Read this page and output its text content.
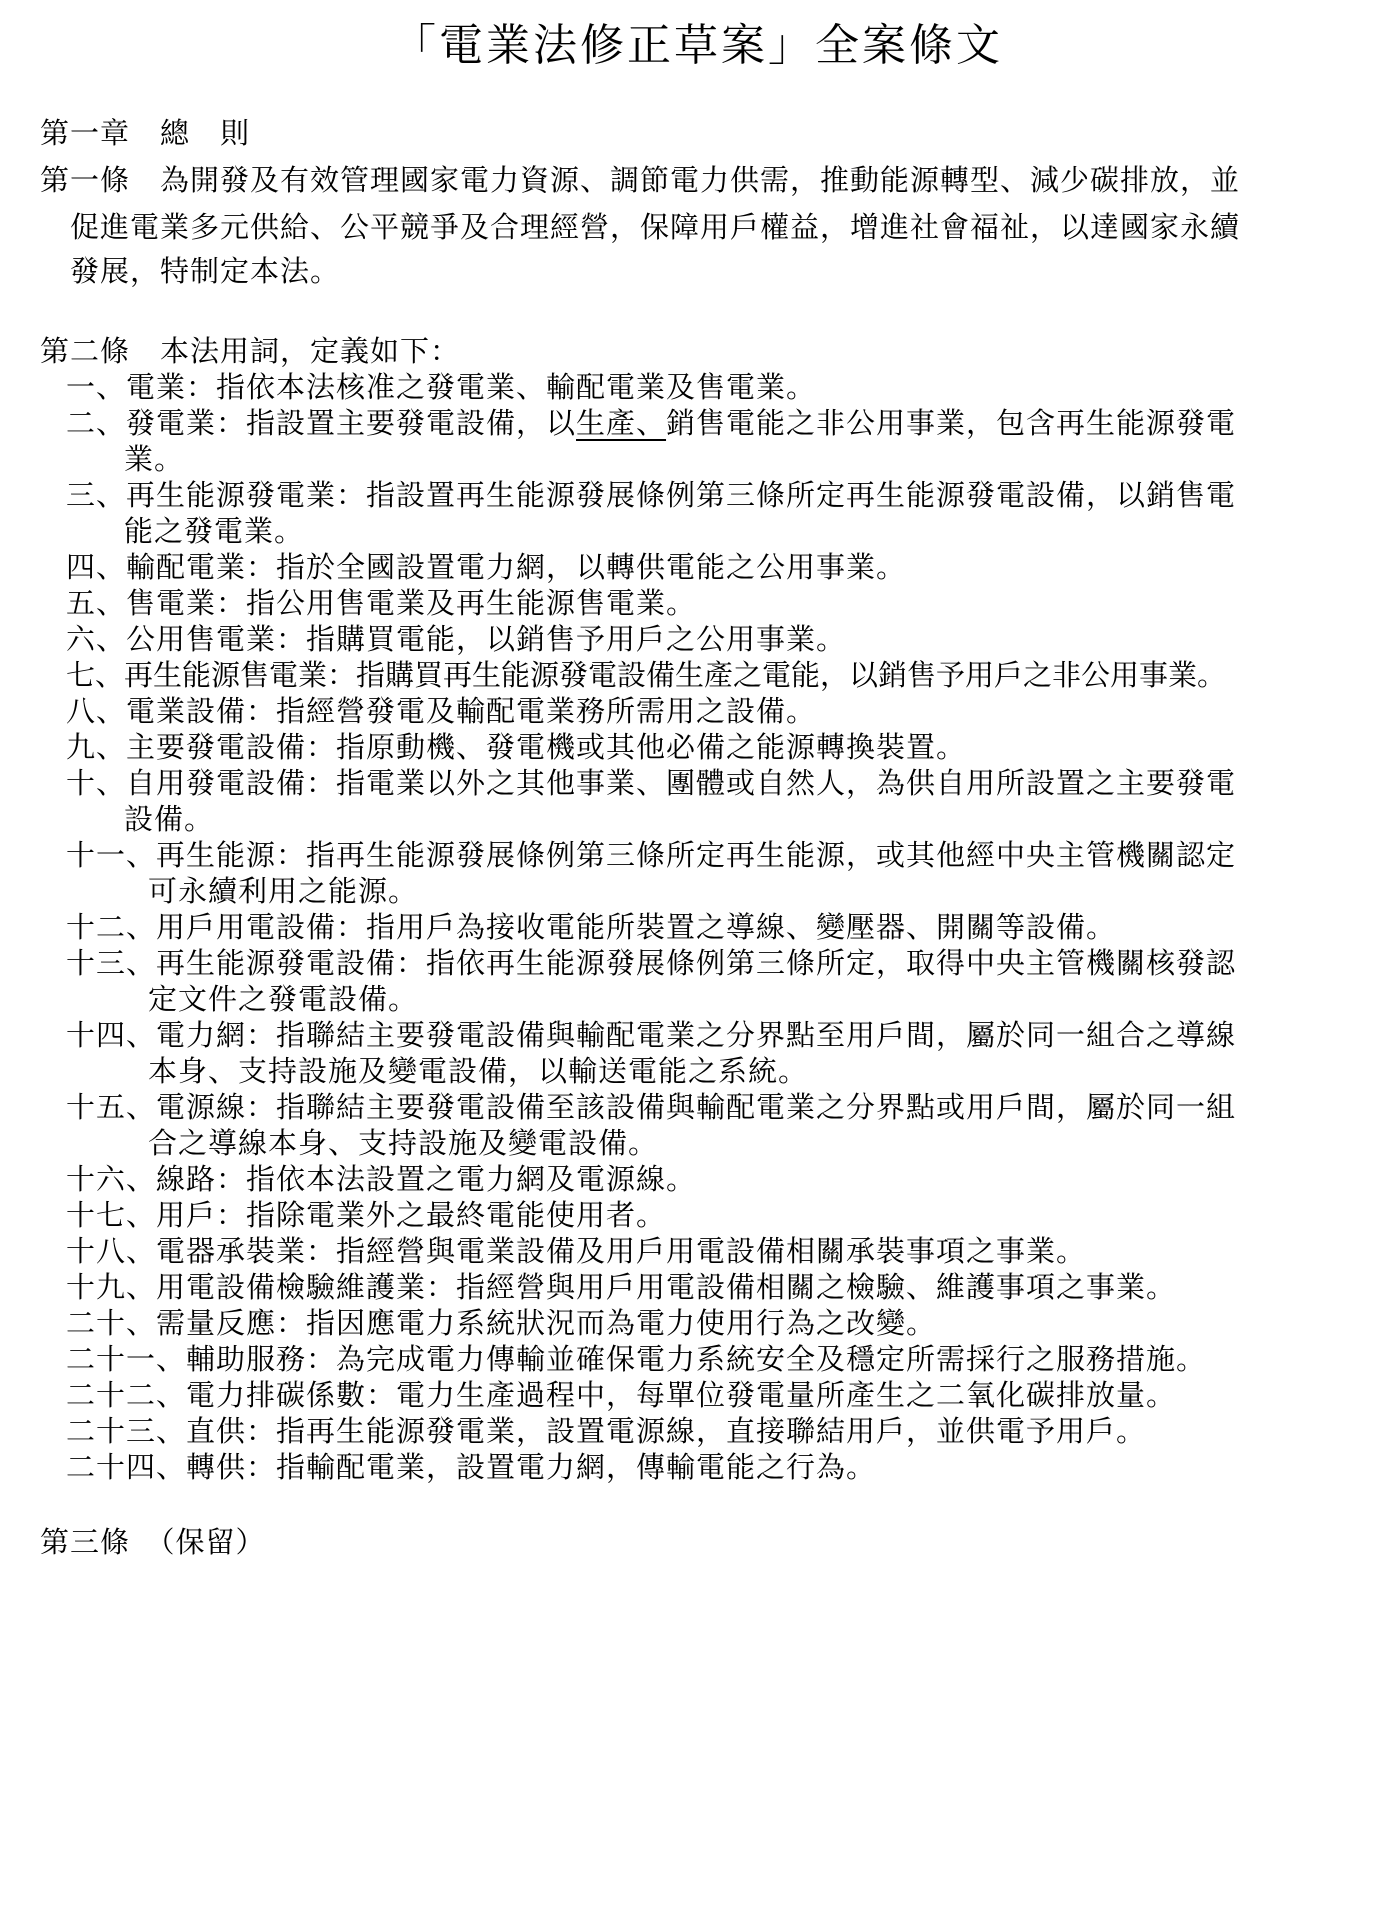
「電業法修正草案」全案條文
第一章　總　則
第一條　為開發及有效管理國家電力資源、調節電力供需，推動能源轉型、減少碳排放，並
促進電業多元供給、公平競爭及合理經營，保障用戶權益，增進社會福祉，以達國家永續
發展，特制定本法。
第二條　本法用詞，定義如下：
一、電業：指依本法核准之發電業、輸配電業及售電業。
二、發電業：指設置主要發電設備，以生產、銷售電能之非公用事業，包含再生能源發電
業。
三、再生能源發電業：指設置再生能源發展條例第三條所定再生能源發電設備，以銷售電
能之發電業。
四、輸配電業：指於全國設置電力網，以轉供電能之公用事業。
五、售電業：指公用售電業及再生能源售電業。
六、公用售電業：指購買電能，以銷售予用戶之公用事業。
七、再生能源售電業：指購買再生能源發電設備生產之電能，以銷售予用戶之非公用事業。
八、電業設備：指經營發電及輸配電業務所需用之設備。
九、主要發電設備：指原動機、發電機或其他必備之能源轉換裝置。
十、自用發電設備：指電業以外之其他事業、團體或自然人，為供自用所設置之主要發電
設備。
十一、再生能源：指再生能源發展條例第三條所定再生能源，或其他經中央主管機關認定
可永續利用之能源。
十二、用戶用電設備：指用戶為接收電能所裝置之導線、變壓器、開關等設備。
十三、再生能源發電設備：指依再生能源發展條例第三條所定，取得中央主管機關核發認
定文件之發電設備。
十四、電力網：指聯結主要發電設備與輸配電業之分界點至用戶間，屬於同一組合之導線
本身、支持設施及變電設備，以輸送電能之系統。
十五、電源線：指聯結主要發電設備至該設備與輸配電業之分界點或用戶間，屬於同一組
合之導線本身、支持設施及變電設備。
十六、線路：指依本法設置之電力網及電源線。
十七、用戶：指除電業外之最終電能使用者。
十八、電器承裝業：指經營與電業設備及用戶用電設備相關承裝事項之事業。
十九、用電設備檢驗維護業：指經營與用戶用電設備相關之檢驗、維護事項之事業。
二十、需量反應：指因應電力系統狀況而為電力使用行為之改變。
二十一、輔助服務：為完成電力傳輸並確保電力系統安全及穩定所需採行之服務措施。
二十二、電力排碳係數：電力生產過程中，每單位發電量所產生之二氧化碳排放量。
二十三、直供：指再生能源發電業，設置電源線，直接聯結用戶，並供電予用戶。
二十四、轉供：指輸配電業，設置電力網，傳輸電能之行為。
第三條　（保留）
